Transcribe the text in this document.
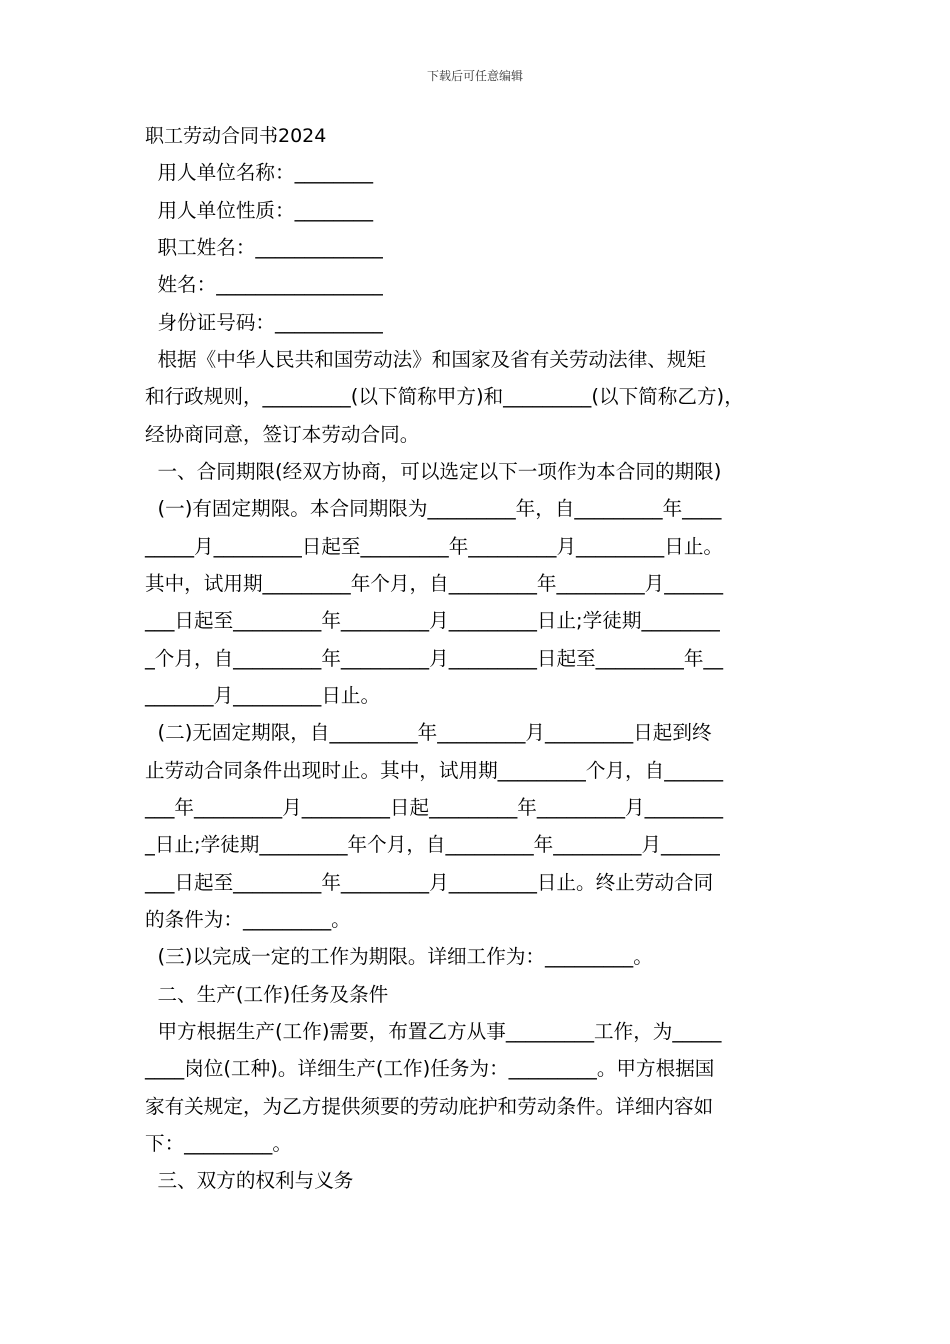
下载后可任意编辑
职工劳动合同书2024
用人单位名称：________
用人单位性质：________
职工姓名：_____________
姓名：_________________
身份证号码：___________
根据《中华人民共和国劳动法》和国家及省有关劳动法律、规矩
和行政规则，_________(以下简称甲方)和_________(以下简称乙方)，
经协商同意，签订本劳动合同。
一、合同期限(经双方协商，可以选定以下一项作为本合同的期限)
(一)有固定期限。本合同期限为_________年，自_________年____
_____月_________日起至_________年_________月_________日止。
其中，试用期_________年个月，自_________年_________月______
___日起至_________年_________月_________日止;学徒期________
_个月，自_________年_________月_________日起至_________年__
_______月_________日止。
(二)无固定期限，自_________年_________月_________日起到终
止劳动合同条件出现时止。其中，试用期_________个月，自______
___年_________月_________日起_________年_________月________
_日止;学徒期_________年个月，自_________年_________月______
___日起至_________年_________月_________日止。终止劳动合同
的条件为：_________。
(三)以完成一定的工作为期限。详细工作为：_________。
二、生产(工作)任务及条件
甲方根据生产(工作)需要，布置乙方从事_________工作，为_____
____岗位(工种)。详细生产(工作)任务为：_________。甲方根据国
家有关规定，为乙方提供须要的劳动庇护和劳动条件。详细内容如
下：_________。
三、双方的权利与义务
